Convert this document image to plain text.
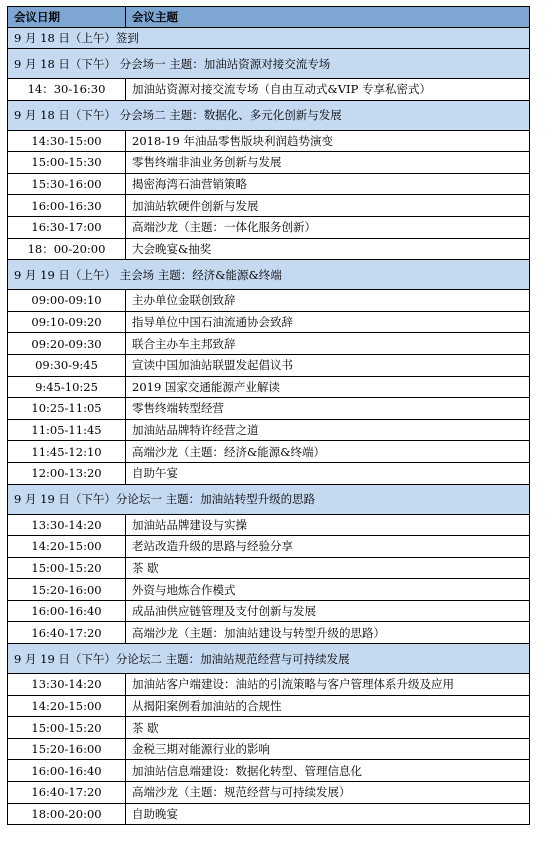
会议日期	会议主题
9 月 18 日（上午）签到	
9 月 18 日（下午） 分会场一 主题：加油站资源对接交流专场	
14：30-16:30	加油站资源对接交流专场（自由互动式&VIP 专享私密式）
9 月 18 日（下午） 分会场二 主题：数据化、多元化创新与发展	
14:30-15:00	2018-19 年油品零售版块利润趋势演变
15:00-15:30	零售终端非油业务创新与发展
15:30-16:00	揭密海湾石油营销策略
16:00-16:30	加油站软硬件创新与发展
16:30-17:00	高端沙龙（主题：一体化服务创新）
18：00-20:00	大会晚宴&抽奖
9 月 19 日（上午） 主会场 主题：经济&能源&终端	
09:00-09:10	主办单位金联创致辞
09:10-09:20	指导单位中国石油流通协会致辞
09:20-09:30	联合主办车主邦致辞
09:30-9:45	宣读中国加油站联盟发起倡议书
9:45-10:25	2019 国家交通能源产业解读
10:25-11:05	零售终端转型经营
11:05-11:45	加油站品牌特许经营之道
11:45-12:10	高端沙龙（主题：经济&能源&终端）
12:00-13:20	自助午宴
9 月 19 日（下午）分论坛一 主题：加油站转型升级的思路	
13:30-14:20	加油站品牌建设与实操
14:20-15:00	老站改造升级的思路与经验分享
15:00-15:20	茶 歇
15:20-16:00	外资与地炼合作模式
16:00-16:40	成品油供应链管理及支付创新与发展
16:40-17:20	高端沙龙（主题：加油站建设与转型升级的思路）
9 月 19 日（下午）分论坛二 主题：加油站规范经营与可持续发展	
13:30-14:20	加油站客户端建设：油站的引流策略与客户管理体系升级及应用
14:20-15:00	从揭阳案例看加油站的合规性
15:00-15:20	茶 歇
15:20-16:00	金税三期对能源行业的影响
16:00-16:40	加油站信息端建设：数据化转型、管理信息化
16:40-17:20	高端沙龙（主题：规范经营与可持续发展）
18:00-20:00	自助晚宴
